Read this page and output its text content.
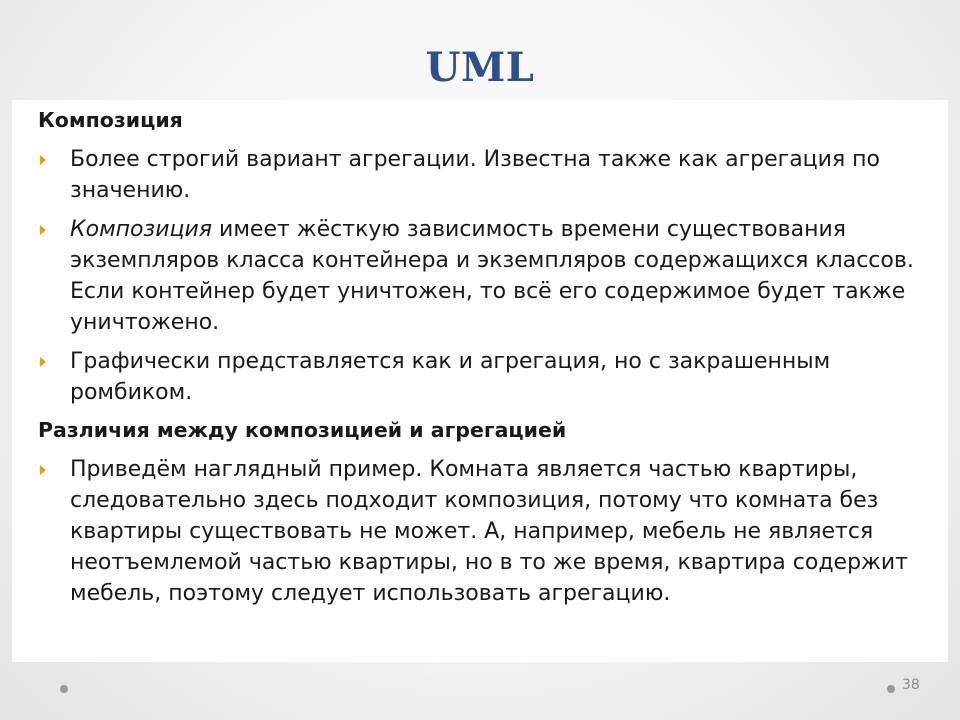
UML
Композиция
Более строгий вариант агрегации. Известна также как агрегация по значению.
Композиция имеет жёсткую зависимость времени существования экземпляров класса контейнера и экземпляров содержащихся классов. Если контейнер будет уничтожен, то всё его содержимое будет также уничтожено.
Графически представляется как и агрегация, но с закрашенным ромбиком.
Различия между композицией и агрегацией
Приведём наглядный пример. Комната является частью квартиры, следовательно здесь подходит композиция, потому что комната без квартиры существовать не может. А, например, мебель не является неотъемлемой частью квартиры, но в то же время, квартира содержит мебель, поэтому следует использовать агрегацию.
38
